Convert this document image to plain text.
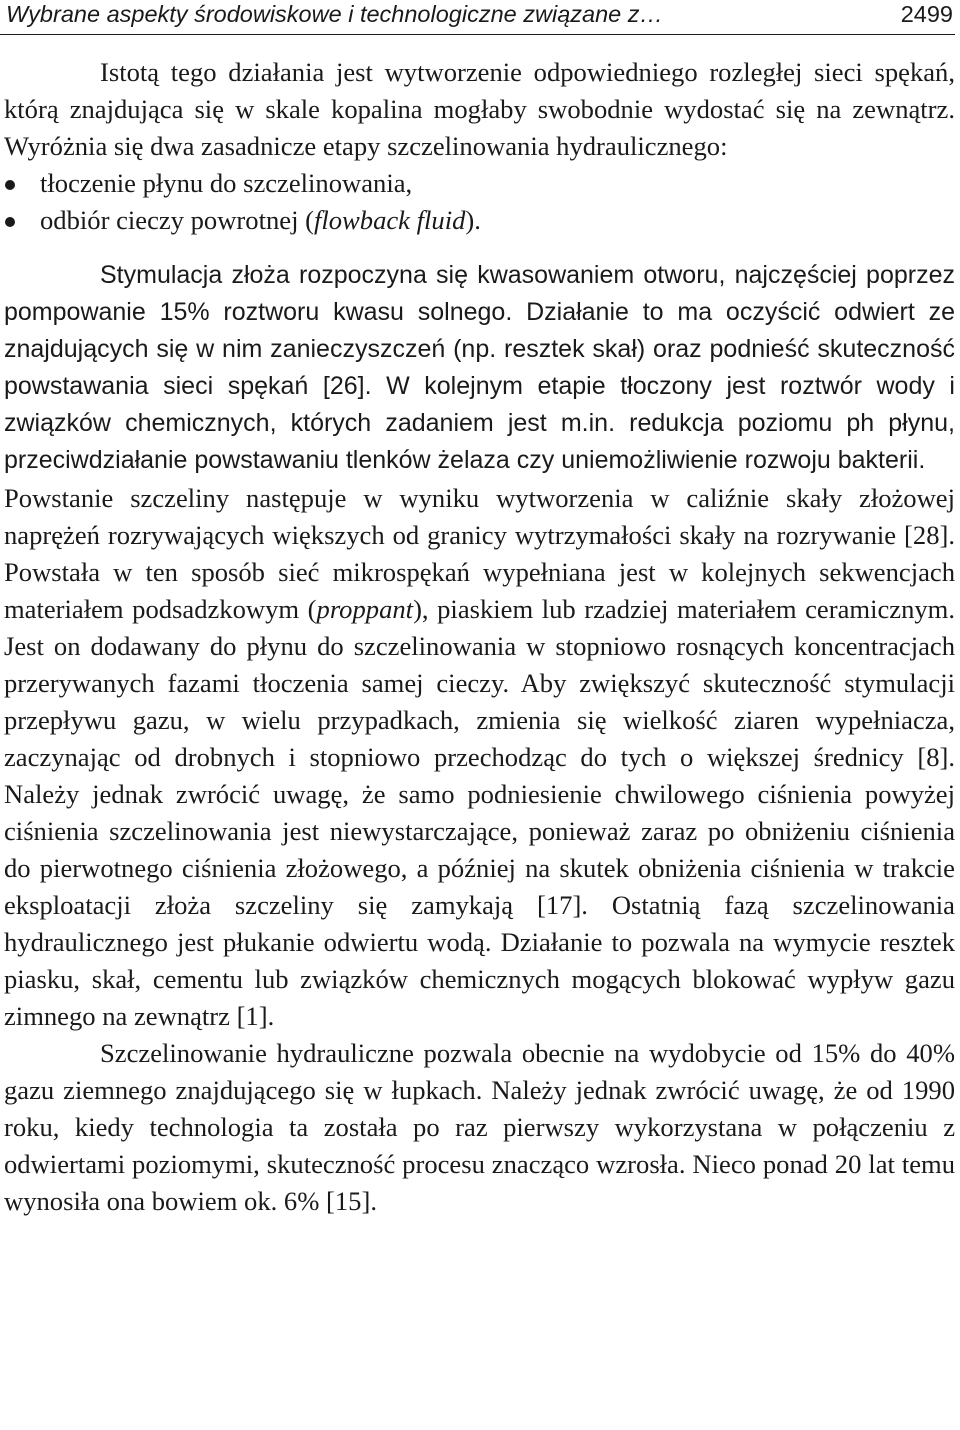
Wybrane aspekty środowiskowe i technologiczne związane z…	2499

Istotą tego działania jest wytworzenie odpowiedniego rozległej sieci spękań, którą znajdująca się w skale kopalina mogłaby swobodnie wydostać się na zewnątrz. Wyróżnia się dwa zasadnicze etapy szczelinowania hydraulicznego:

tłoczenie płynu do szczelinowania,
odbiór cieczy powrotnej (flowback fluid).

Stymulacja złoża rozpoczyna się kwasowaniem otworu, najczęściej poprzez pompowanie 15% roztworu kwasu solnego. Działanie to ma oczyścić odwiert ze znajdujących się w nim zanieczyszczeń (np. resztek skał) oraz podnieść skuteczność powstawania sieci spękań [26]. W kolejnym etapie tłoczony jest roztwór wody i związków chemicznych, których zadaniem jest m.in. redukcja poziomu ph płynu, przeciwdziałanie powstawaniu tlenków żelaza czy uniemożliwienie rozwoju bakterii.

Powstanie szczeliny następuje w wyniku wytworzenia w caliźnie skały złożowej naprężeń rozrywających większych od granicy wytrzymałości skały na rozrywanie [28]. Powstała w ten sposób sieć mikrospękań wypełniana jest w kolejnych sekwencjach materiałem podsadzkowym (proppant), piaskiem lub rzadziej materiałem ceramicznym. Jest on dodawany do płynu do szczelinowania w stopniowo rosnących koncentracjach przerywanych fazami tłoczenia samej cieczy. Aby zwiększyć skuteczność stymulacji przepływu gazu, w wielu przypadkach, zmienia się wielkość ziaren wypełniacza, zaczynając od drobnych i stopniowo przechodząc do tych o większej średnicy [8]. Należy jednak zwrócić uwagę, że samo podniesienie chwilowego ciśnienia powyżej ciśnienia szczelinowania jest niewystarczające, ponieważ zaraz po obniżeniu ciśnienia do pierwotnego ciśnienia złożowego, a później na skutek obniżenia ciśnienia w trakcie eksploatacji złoża szczeliny się zamykają [17]. Ostatnią fazą szczelinowania hydraulicznego jest płukanie odwiertu wodą. Działanie to pozwala na wymycie resztek piasku, skał, cementu lub związków chemicznych mogących blokować wypływ gazu zimnego na zewnątrz [1].

Szczelinowanie hydrauliczne pozwala obecnie na wydobycie od 15% do 40% gazu ziemnego znajdującego się w łupkach. Należy jednak zwrócić uwagę, że od 1990 roku, kiedy technologia ta została po raz pierwszy wykorzystana w połączeniu z odwiertami poziomymi, skuteczność procesu znacząco wzrosła. Nieco ponad 20 lat temu wynosiła ona bowiem ok. 6% [15].
